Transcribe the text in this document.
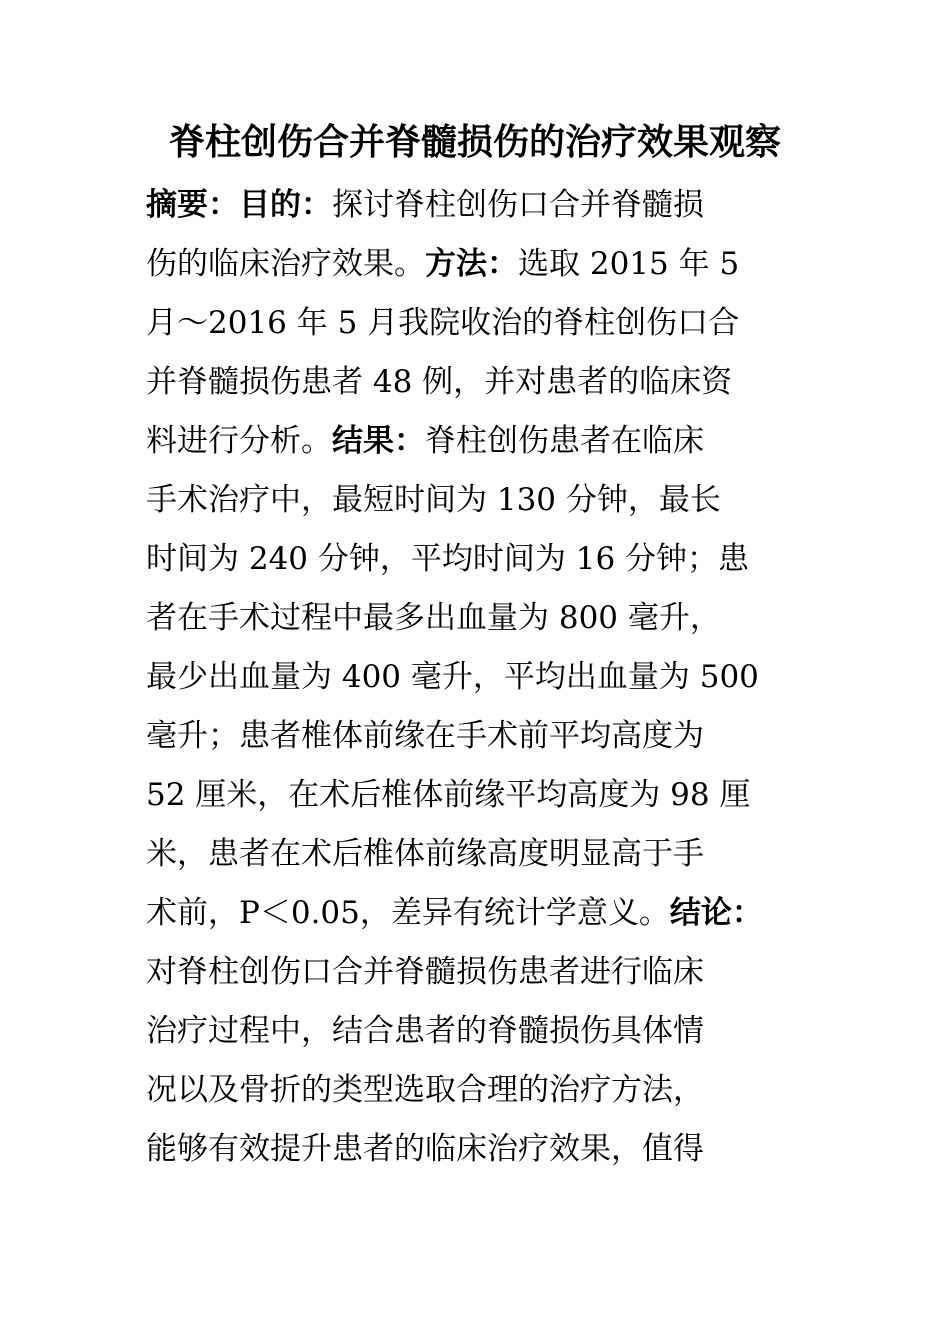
脊柱创伤合并脊髓损伤的治疗效果观察
摘要：目的：探讨脊柱创伤口合并脊髓损
伤的临床治疗效果。方法：选取 2015 年 5
月～2016 年 5 月我院收治的脊柱创伤口合
并脊髓损伤患者 48 例，并对患者的临床资
料进行分析。结果：脊柱创伤患者在临床
手术治疗中，最短时间为 130 分钟，最长
时间为 240 分钟，平均时间为 16 分钟；患
者在手术过程中最多出血量为 800 毫升，
最少出血量为 400 毫升，平均出血量为 500
毫升；患者椎体前缘在手术前平均高度为
52 厘米，在术后椎体前缘平均高度为 98 厘
米，患者在术后椎体前缘高度明显高于手
术前，P＜0.05，差异有统计学意义。结论：
对脊柱创伤口合并脊髓损伤患者进行临床
治疗过程中，结合患者的脊髓损伤具体情
况以及骨折的类型选取合理的治疗方法，
能够有效提升患者的临床治疗效果，值得
